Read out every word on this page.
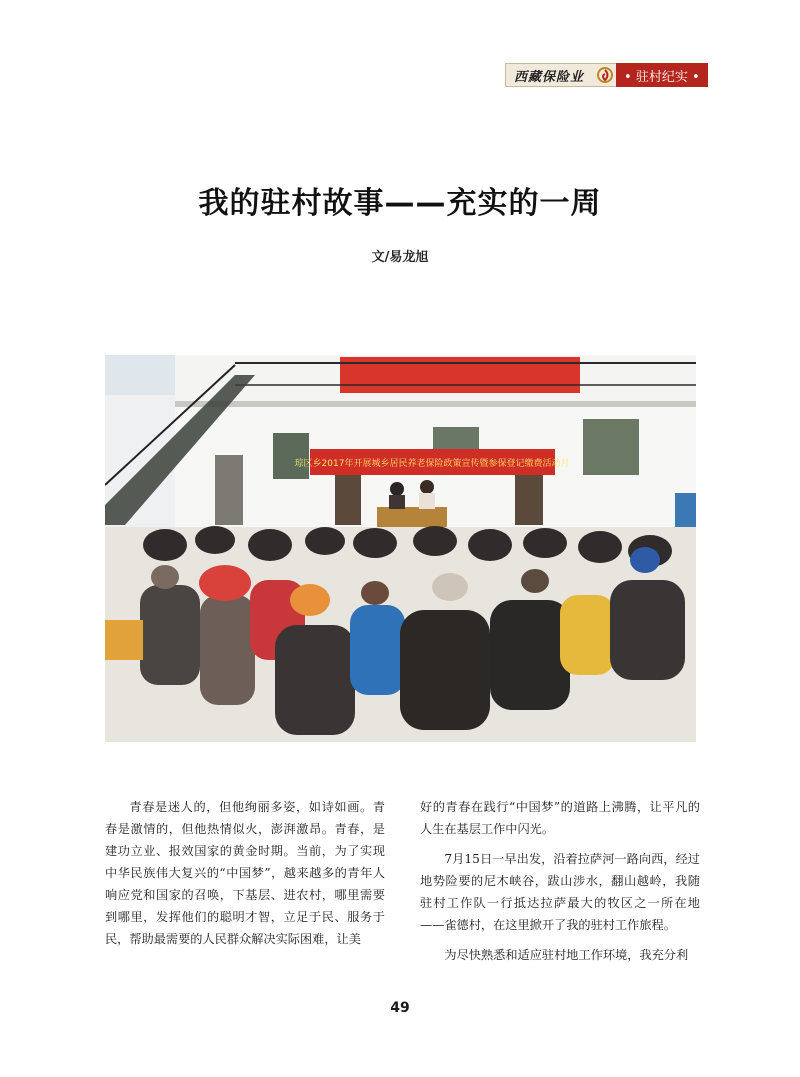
西藏保险业	• 驻村纪实 •
我的驻村故事——充实的一周
文/易龙旭
琼区乡2017年开展城乡居民养老保险政策宣传暨参保登记缴费活动月

青春是迷人的，但他绚丽多姿，如诗如画。青春是激情的，但他热情似火，澎湃激昂。青春，是建功立业、报效国家的黄金时期。当前，为了实现中华民族伟大复兴的“中国梦”，越来越多的青年人响应党和国家的召唤，下基层、进农村，哪里需要到哪里，发挥他们的聪明才智，立足于民、服务于民，帮助最需要的人民群众解决实际困难，让美

好的青春在践行“中国梦”的道路上沸腾，让平凡的人生在基层工作中闪光。

7月15日一早出发，沿着拉萨河一路向西，经过地势险要的尼木峡谷，跋山涉水，翻山越岭，我随驻村工作队一行抵达拉萨最大的牧区之一所在地——雀德村，在这里掀开了我的驻村工作旅程。

为尽快熟悉和适应驻村地工作环境，我充分利

49
